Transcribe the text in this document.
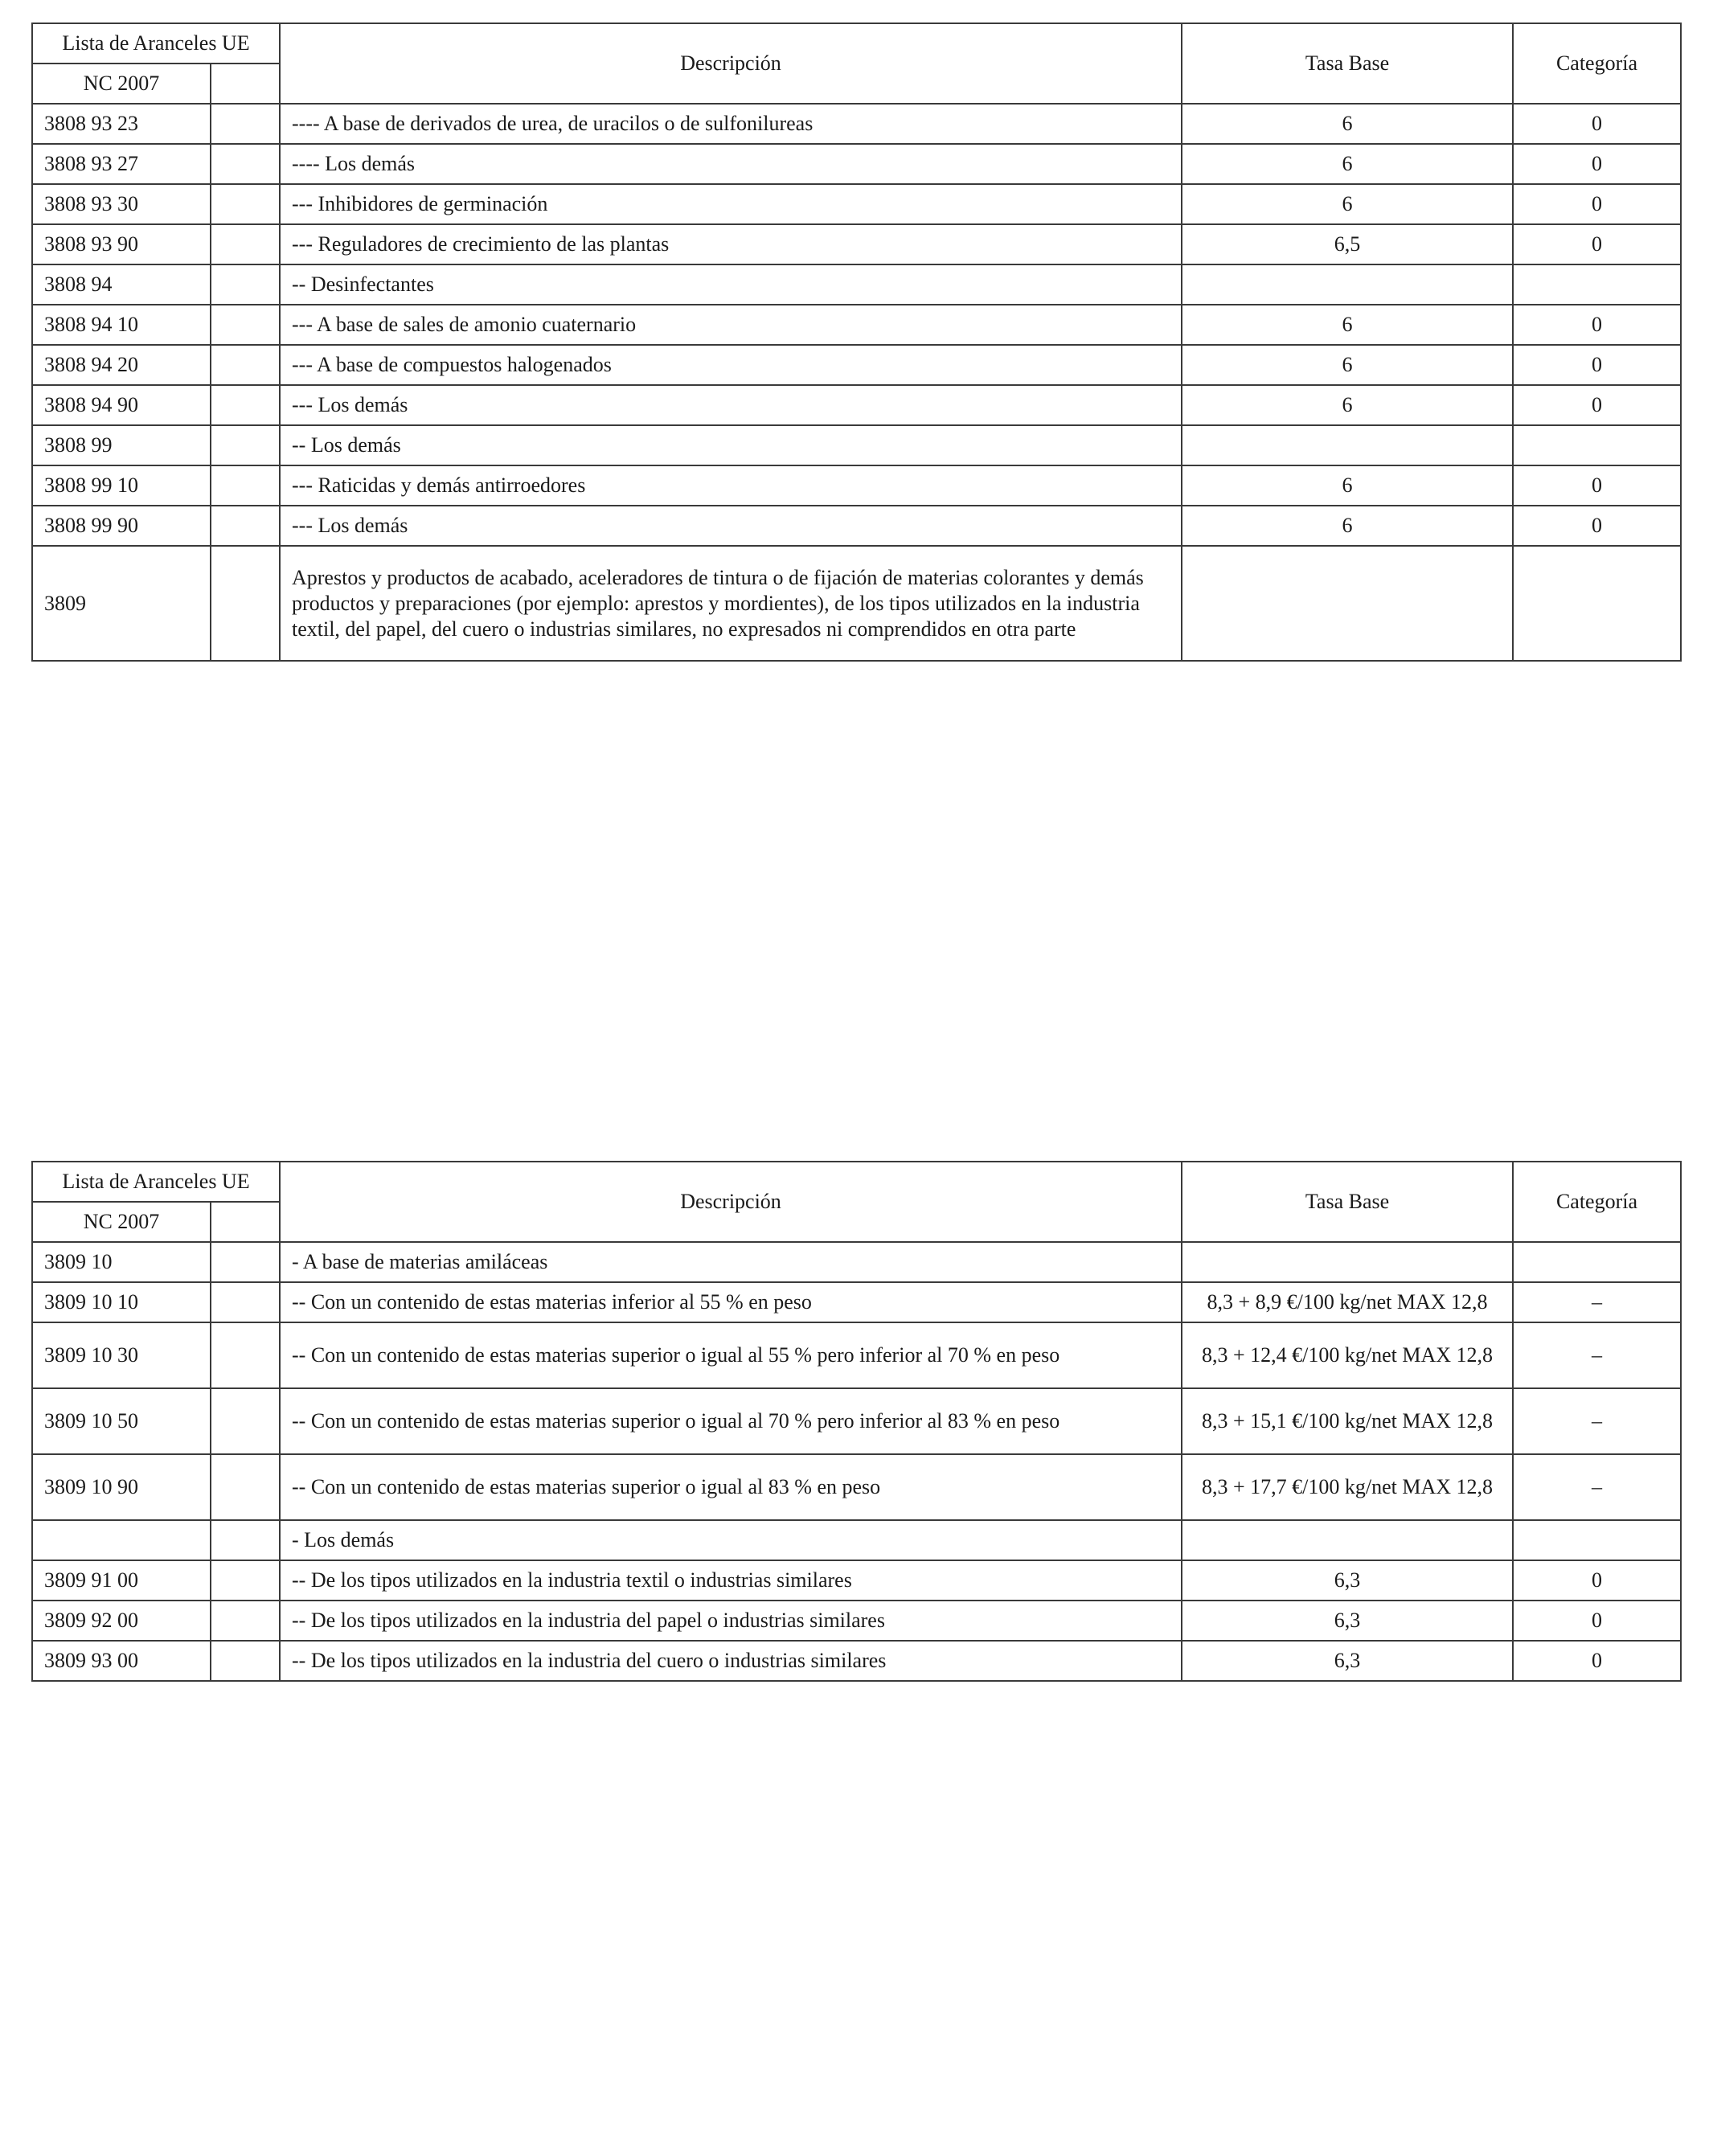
Lista de Aranceles UE		Descripción	Tasa Base	Categoría
NC 2007				
3808 93 23		---- A base de derivados de urea, de uracilos o de sulfonilureas	6	0
3808 93 27		---- Los demás	6	0
3808 93 30		--- Inhibidores de germinación	6	0
3808 93 90		--- Reguladores de crecimiento de las plantas	6,5	0
3808 94		-- Desinfectantes		
3808 94 10		--- A base de sales de amonio cuaternario	6	0
3808 94 20		--- A base de compuestos halogenados	6	0
3808 94 90		--- Los demás	6	0
3808 99		-- Los demás		
3808 99 10		--- Raticidas y demás antirroedores	6	0
3808 99 90		--- Los demás	6	0
3809		Aprestos y productos de acabado, aceleradores de tintura o de fijación de materias colorantes y demás productos y preparaciones (por ejemplo: aprestos y mordientes), de los tipos utilizados en la industria textil, del papel, del cuero o industrias similares, no expresados ni comprendidos en otra parte		
Lista de Aranceles UE		Descripción	Tasa Base	Categoría
NC 2007				
3809 10		- A base de materias amiláceas		
3809 10 10		-- Con un contenido de estas materias inferior al 55 % en peso	8,3 + 8,9 €/100 kg/net MAX 12,8	–
3809 10 30		-- Con un contenido de estas materias superior o igual al 55 % pero inferior al 70 % en peso	8,3 + 12,4 €/100 kg/net MAX 12,8	–
3809 10 50		-- Con un contenido de estas materias superior o igual al 70 % pero inferior al 83 % en peso	8,3 + 15,1 €/100 kg/net MAX 12,8	–
3809 10 90		-- Con un contenido de estas materias superior o igual al 83 % en peso	8,3 + 17,7 €/100 kg/net MAX 12,8	–
		- Los demás		
3809 91 00		-- De los tipos utilizados en la industria textil o industrias similares	6,3	0
3809 92 00		-- De los tipos utilizados en la industria del papel o industrias similares	6,3	0
3809 93 00		-- De los tipos utilizados en la industria del cuero o industrias similares	6,3	0
